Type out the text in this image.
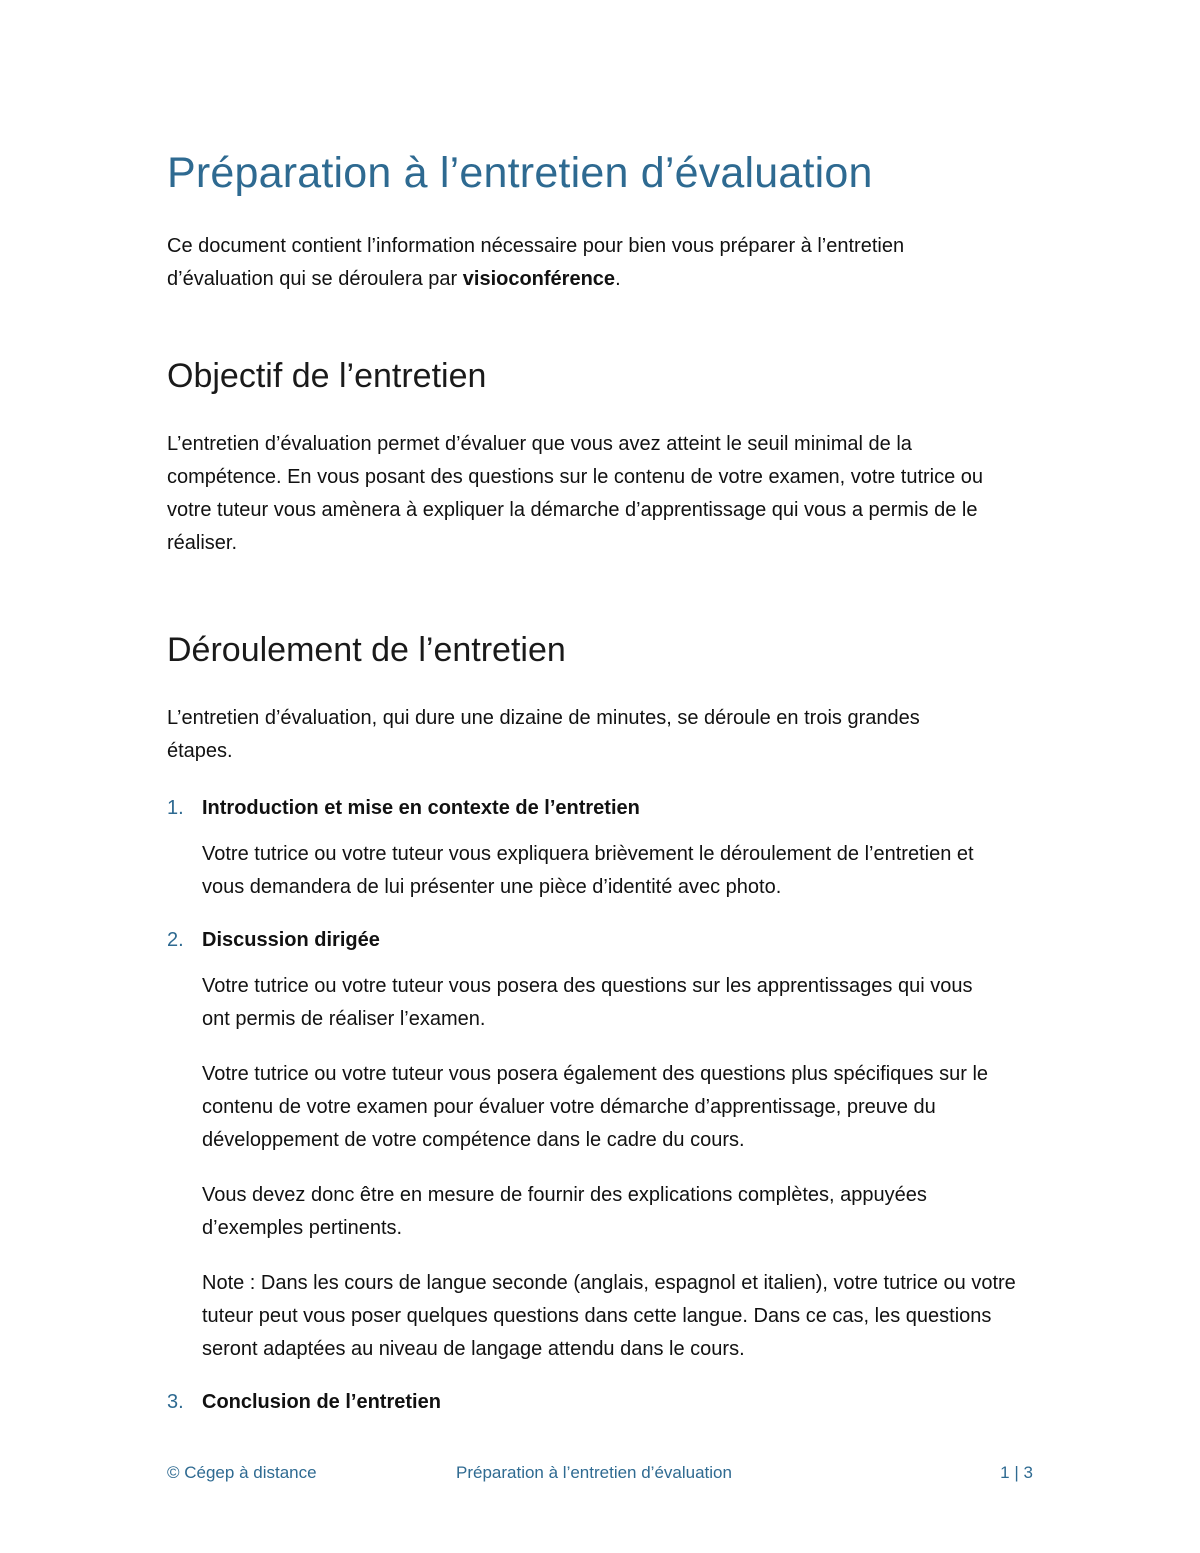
Préparation à l’entretien d’évaluation

Ce document contient l’information nécessaire pour bien vous préparer à l’entretien d’évaluation qui se déroulera par visioconférence.

Objectif de l’entretien

L’entretien d’évaluation permet d’évaluer que vous avez atteint le seuil minimal de la compétence. En vous posant des questions sur le contenu de votre examen, votre tutrice ou votre tuteur vous amènera à expliquer la démarche d’apprentissage qui vous a permis de le réaliser.

Déroulement de l’entretien

L’entretien d’évaluation, qui dure une dizaine de minutes, se déroule en trois grandes étapes.

1. Introduction et mise en contexte de l’entretien

Votre tutrice ou votre tuteur vous expliquera brièvement le déroulement de l’entretien et vous demandera de lui présenter une pièce d’identité avec photo.

2. Discussion dirigée

Votre tutrice ou votre tuteur vous posera des questions sur les apprentissages qui vous ont permis de réaliser l’examen.

Votre tutrice ou votre tuteur vous posera également des questions plus spécifiques sur le contenu de votre examen pour évaluer votre démarche d’apprentissage, preuve du développement de votre compétence dans le cadre du cours.

Vous devez donc être en mesure de fournir des explications complètes, appuyées d’exemples pertinents.

Note : Dans les cours de langue seconde (anglais, espagnol et italien), votre tutrice ou votre tuteur peut vous poser quelques questions dans cette langue. Dans ce cas, les questions seront adaptées au niveau de langage attendu dans le cours.

3. Conclusion de l’entretien

© Cégep à distance	Préparation à l’entretien d’évaluation	1 | 3
